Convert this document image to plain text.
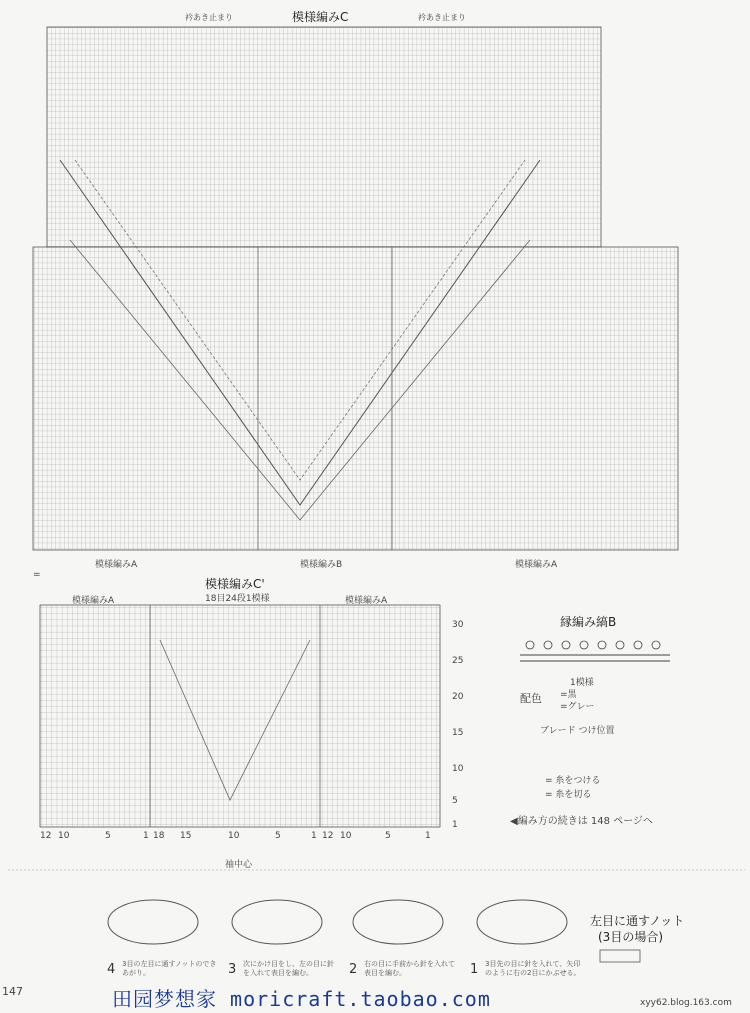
模様編みC
衿あき止まり	衿あき止まり
模様編みA	模様編みB	模様編みA
=
模様編みC'
18目24段1模様
模様編みA	模様編みA
袖中心
12 10	5	1 18 15	10	5	1 12 10	5	1
30
25
20
15
10
5
1
縁編み縞B
1模様
配色 =黒
=グレー
ブレード つけ位置
= 糸をつける
= 糸を切る
◀編み方の続きは 148 ページへ
左目に通すノット
(3目の場合)
4 3目の左目に通すノットのできあがり。	3 次にかけ目をし、左の目に針を入れて表目を編む。	2 右の目に手前から針を入れて表目を編む。	1 3目先の目に針を入れて、矢印のように右の2目にかぶせる。
147	田园梦想家 moricraft.taobao.com	xyy62.blog.163.com
